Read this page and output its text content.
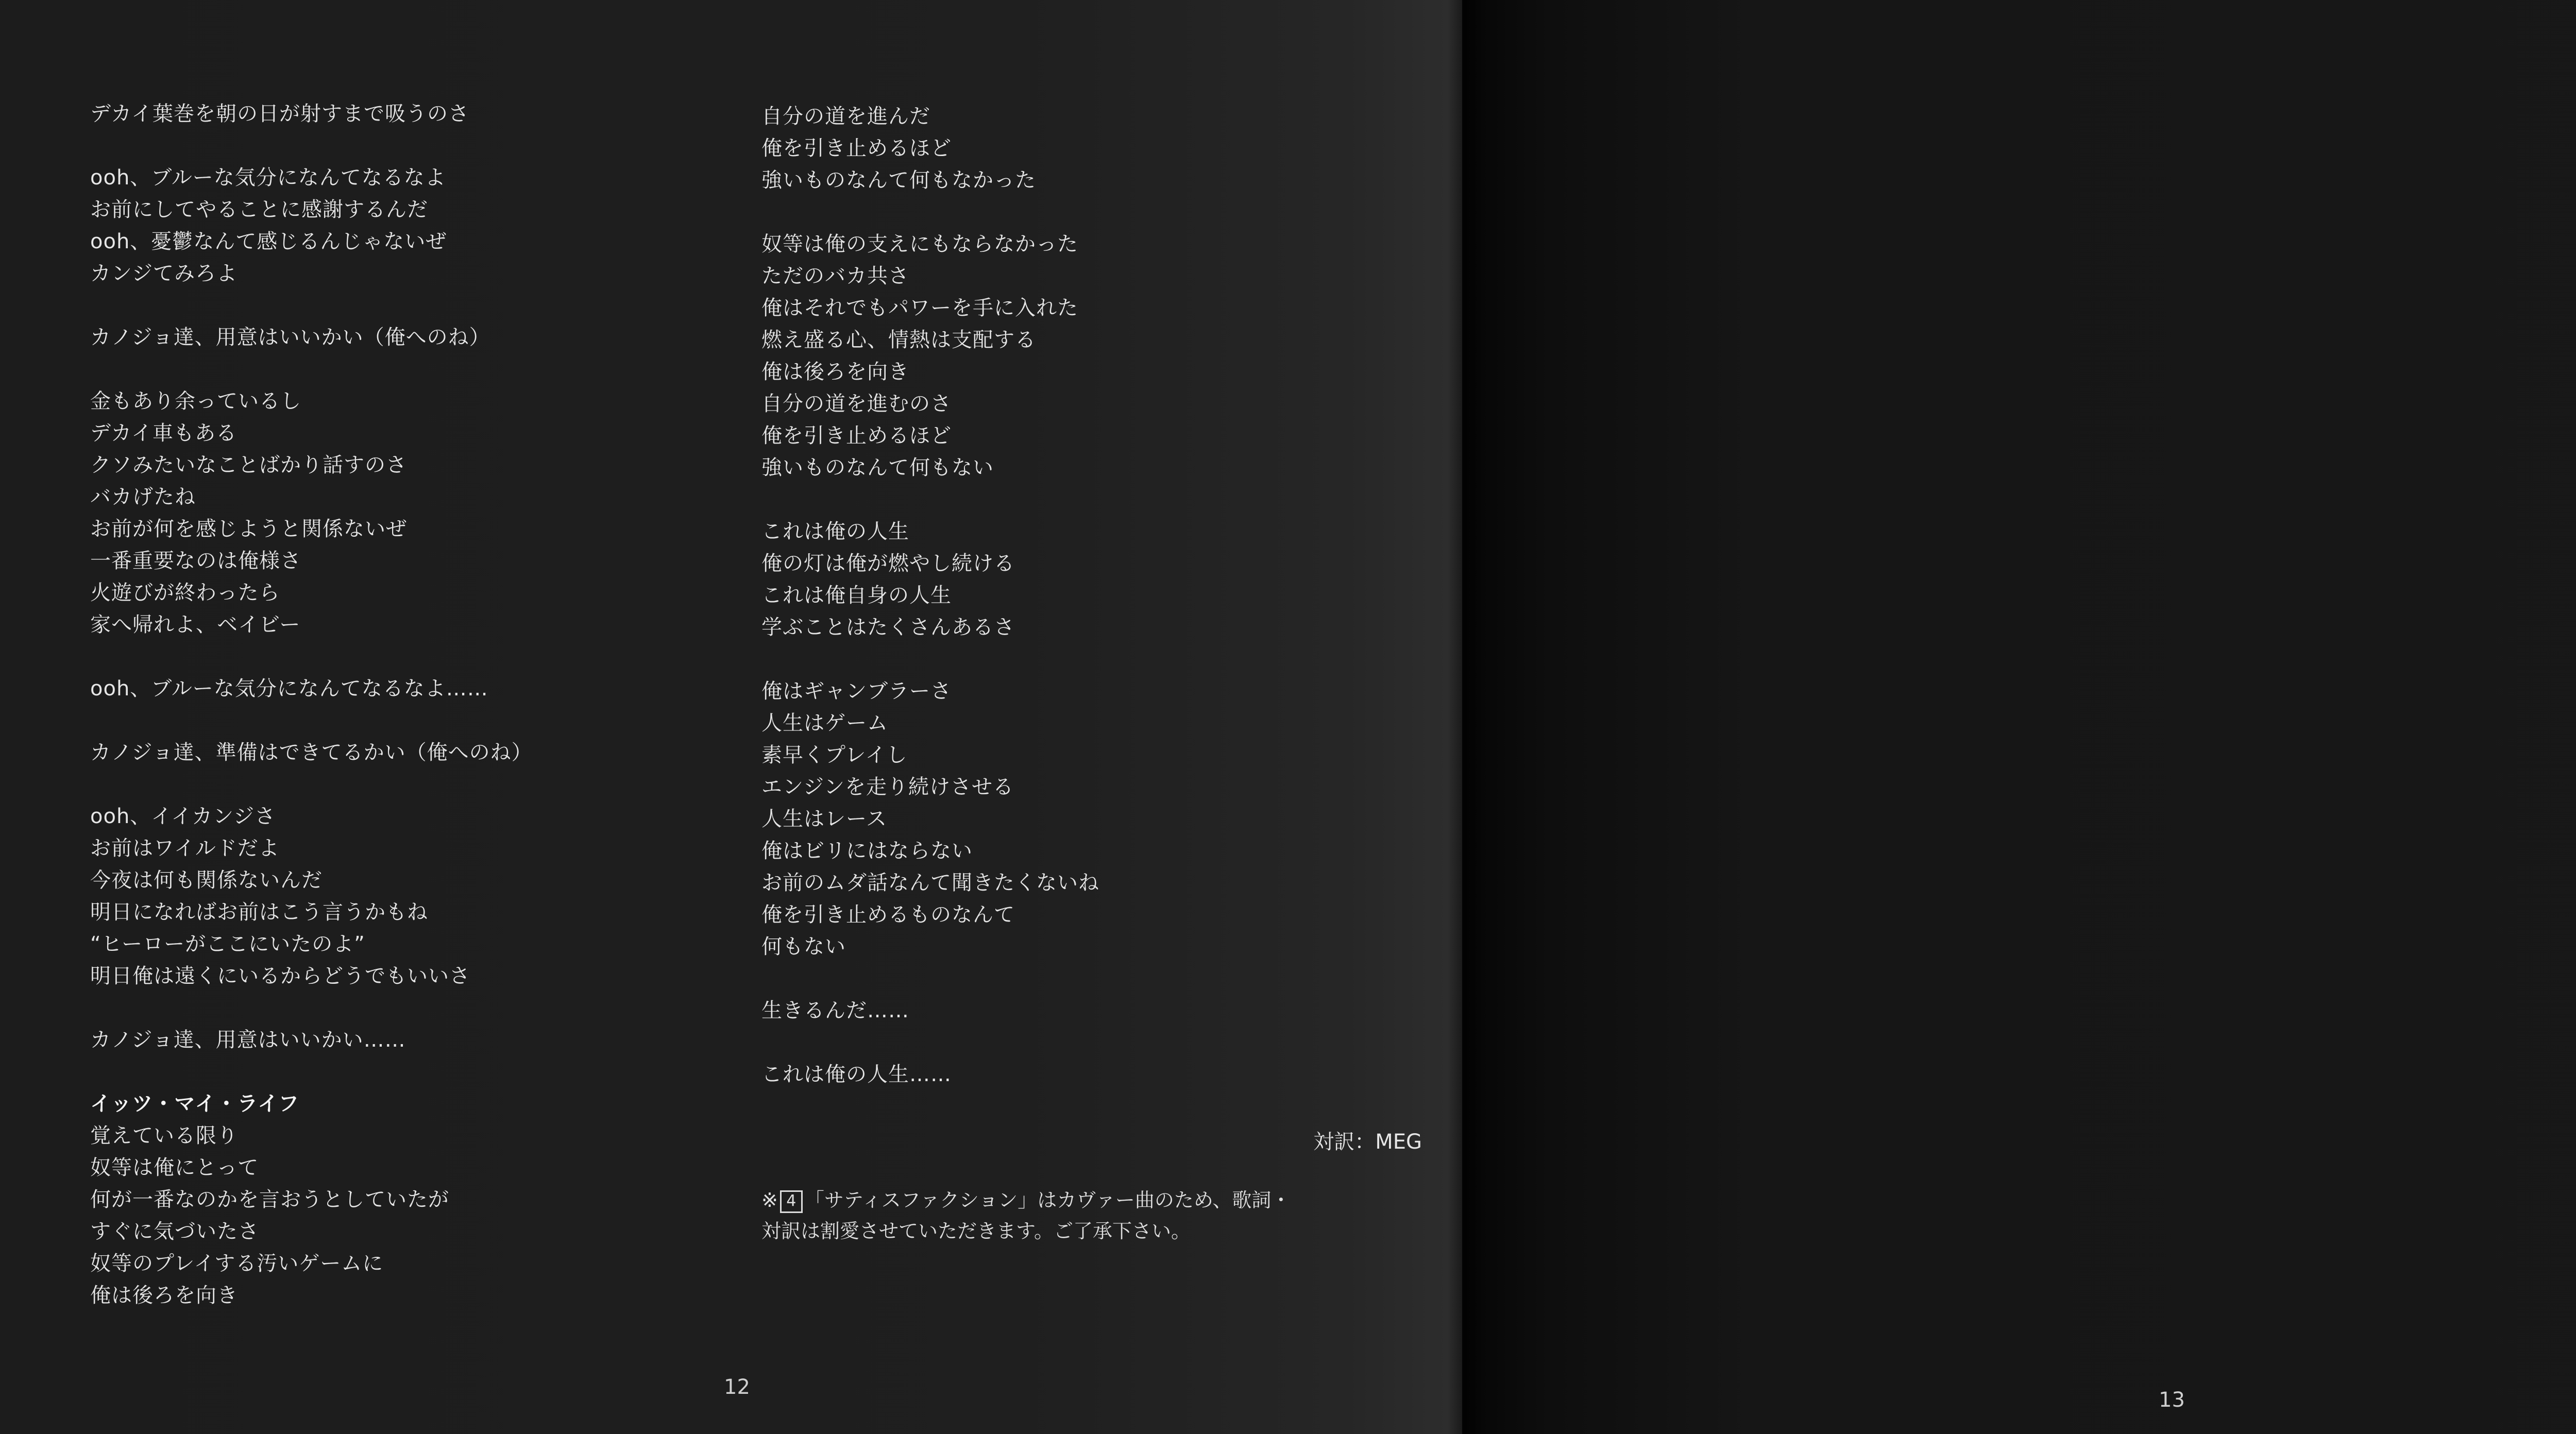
デカイ葉巻を朝の日が射すまで吸うのさ
ooh、ブルーな気分になんてなるなよ
お前にしてやることに感謝するんだ
ooh、憂鬱なんて感じるんじゃないぜ
カンジてみろよ
カノジョ達、用意はいいかい（俺へのね）
金もあり余っているし
デカイ車もある
クソみたいなことばかり話すのさ
バカげたね
お前が何を感じようと関係ないぜ
一番重要なのは俺様さ
火遊びが終わったら
家へ帰れよ、ベイビー
ooh、ブルーな気分になんてなるなよ……
カノジョ達、準備はできてるかい（俺へのね）
ooh、イイカンジさ
お前はワイルドだよ
今夜は何も関係ないんだ
明日になればお前はこう言うかもね
“ヒーローがここにいたのよ”
明日俺は遠くにいるからどうでもいいさ
カノジョ達、用意はいいかい……
イッツ・マイ・ライフ
覚えている限り
奴等は俺にとって
何が一番なのかを言おうとしていたが
すぐに気づいたさ
奴等のプレイする汚いゲームに
俺は後ろを向き
自分の道を進んだ
俺を引き止めるほど
強いものなんて何もなかった
奴等は俺の支えにもならなかった
ただのバカ共さ
俺はそれでもパワーを手に入れた
燃え盛る心、情熱は支配する
俺は後ろを向き
自分の道を進むのさ
俺を引き止めるほど
強いものなんて何もない
これは俺の人生
俺の灯は俺が燃やし続ける
これは俺自身の人生
学ぶことはたくさんあるさ
俺はギャンブラーさ
人生はゲーム
素早くプレイし
エンジンを走り続けさせる
人生はレース
俺はビリにはならない
お前のムダ話なんて聞きたくないね
俺を引き止めるものなんて
何もない
生きるんだ……
これは俺の人生……
対訳：MEG
※ 4 「サティスファクション」はカヴァー曲のため、歌詞・
対訳は割愛させていただきます。ご了承下さい。
12
13
